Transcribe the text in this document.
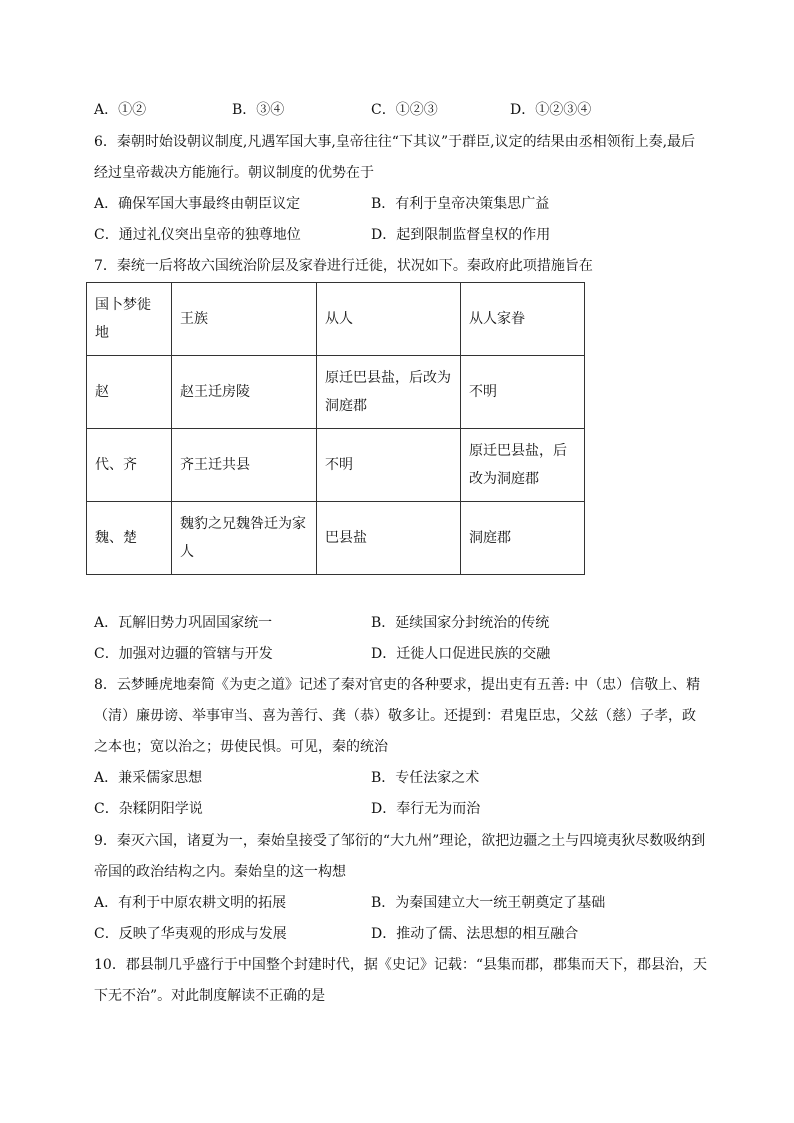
A．①②	B．③④	C．①②③	D．①②③④
6．秦朝时始设朝议制度,凡遇军国大事,皇帝往往“下其议”于群臣,议定的结果由丞相领衔上奏,最后
经过皇帝裁决方能施行。朝议制度的优势在于
A．确保军国大事最终由朝臣议定	B．有利于皇帝决策集思广益
C．通过礼仪突出皇帝的独尊地位	D．起到限制监督皇权的作用
7．秦统一后将故六国统治阶层及家眷进行迁徙，状况如下。秦政府此项措施旨在
国卜梦徙地	王族	从人	从人家眷
赵	赵王迁房陵	原迁巴县盐，后改为洞庭郡	不明
代、齐	齐王迁共县	不明	原迁巴县盐，后改为洞庭郡
魏、楚	魏豹之兄魏咎迁为家人	巴县盐	洞庭郡
A．瓦解旧势力巩固国家统一	B．延续国家分封统治的传统
C．加强对边疆的管辖与开发	D．迁徙人口促进民族的交融
8．云梦睡虎地秦简《为吏之道》记述了秦对官吏的各种要求，提出吏有五善: 中（忠）信敬上、精
（清）廉毋谤、举事审当、喜为善行、龚（恭）敬多让。还提到：君鬼臣忠，父兹（慈）子孝，政
之本也；宽以治之；毋使民惧。可见，秦的统治
A．兼采儒家思想	B．专任法家之术
C．杂糅阴阳学说	D．奉行无为而治
9．秦灭六国，诸夏为一，秦始皇接受了邹衍的“大九州”理论，欲把边疆之土与四境夷狄尽数吸纳到
帝国的政治结构之内。秦始皇的这一构想
A．有利于中原农耕文明的拓展	B．为秦国建立大一统王朝奠定了基础
C．反映了华夷观的形成与发展	D．推动了儒、法思想的相互融合
10．郡县制几乎盛行于中国整个封建时代，据《史记》记载：“县集而郡，郡集而天下，郡县治，天
下无不治”。对此制度解读不正确的是
